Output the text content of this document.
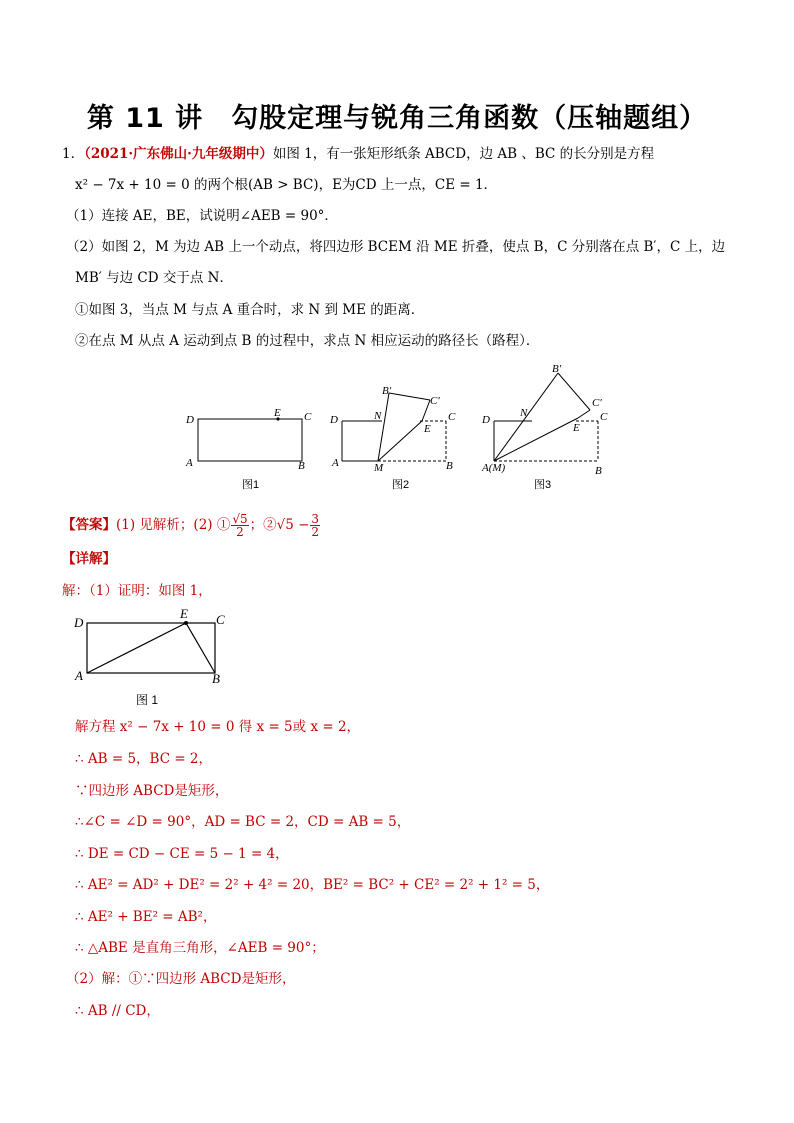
第 11 讲　勾股定理与锐角三角函数（压轴题组）
1．（2021·广东佛山·九年级期中）如图 1，有一张矩形纸条 ABCD，边 AB 、BC 的长分别是方程
x² − 7x + 10 = 0 的两个根(AB > BC)，E为CD 上一点，CE = 1．
（1）连接 AE，BE，试说明∠AEB = 90°．
（2）如图 2，M 为边 AB 上一个动点，将四边形 BCEM 沿 ME 折叠，使点 B，C 分别落在点 B′，C 上，边
MB′ 与边 CD 交于点 N．
①如图 3，当点 M 与点 A 重合时，求 N 到 ME 的距离．
②在点 M 从点 A 运动到点 B 的过程中，求点 N 相应运动的路径长（路程）．
D	C
E
A	B
图1
D	C
B′
C′
N
E
A	M	B
图2
D	C
B′
C′
N
E
A(M)	B
图3
【答案】(1) 见解析；(2) ① $\frac{√5}{2}$ ；②√5 − $\frac{3}{2}$
【详解】
解：（1）证明：如图 1，
D	C
E
A	B
图 1
解方程 x² − 7x + 10 = 0 得 x = 5或 x = 2，
∴ AB = 5，BC = 2，
∵四边形 ABCD是矩形，
∴∠C = ∠D = 90°，AD = BC = 2，CD = AB = 5，
∴ DE = CD − CE = 5 − 1 = 4，
∴ AE² = AD² + DE² = 2² + 4² = 20，BE² = BC² + CE² = 2² + 1² = 5，
∴ AE² + BE² = AB²，
∴ △ABE 是直角三角形，∠AEB = 90°；
（2）解：①∵四边形 ABCD是矩形，
∴ AB // CD，
